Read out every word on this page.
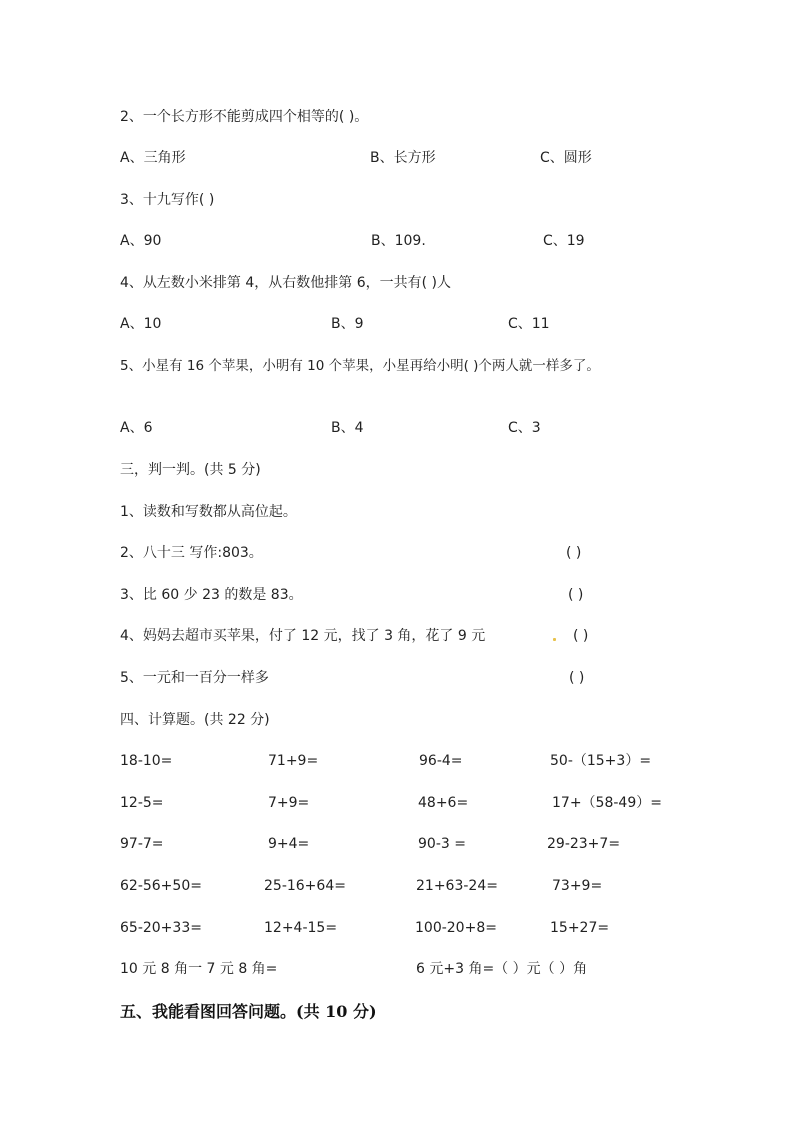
2、一个长方形不能剪成四个相等的( )。
A、三角形	B、长方形	C、圆形
3、十九写作( )
A、90	B、109.	C、19
4、从左数小米排第 4，从右数他排第 6，一共有( )人
A、10	B、9	C、11
5、小星有 16 个苹果，小明有 10 个苹果，小星再给小明( )个两人就一样多了。
A、6	B、4	C、3
三，判一判。(共 5 分)
1、读数和写数都从高位起。
2、八十三 写作:803。	( )
3、比 60 少 23 的数是 83。	( )
4、妈妈去超市买苹果，付了 12 元，找了 3 角，花了 9 元	( )
5、一元和一百分一样多	( )
四、计算题。(共 22 分)
18-10=	71+9=	96-4=	50-（15+3）=
12-5=	7+9=	48+6=	17+（58-49）=
97-7=	9+4=	90-3 =	29-23+7=
62-56+50=	25-16+64=	21+63-24=	73+9=
65-20+33=	12+4-15=	100-20+8=	15+27=
10 元 8 角一 7 元 8 角=	6 元+3 角=（ ）元（ ）角
五、我能看图回答问题。(共 10 分)
